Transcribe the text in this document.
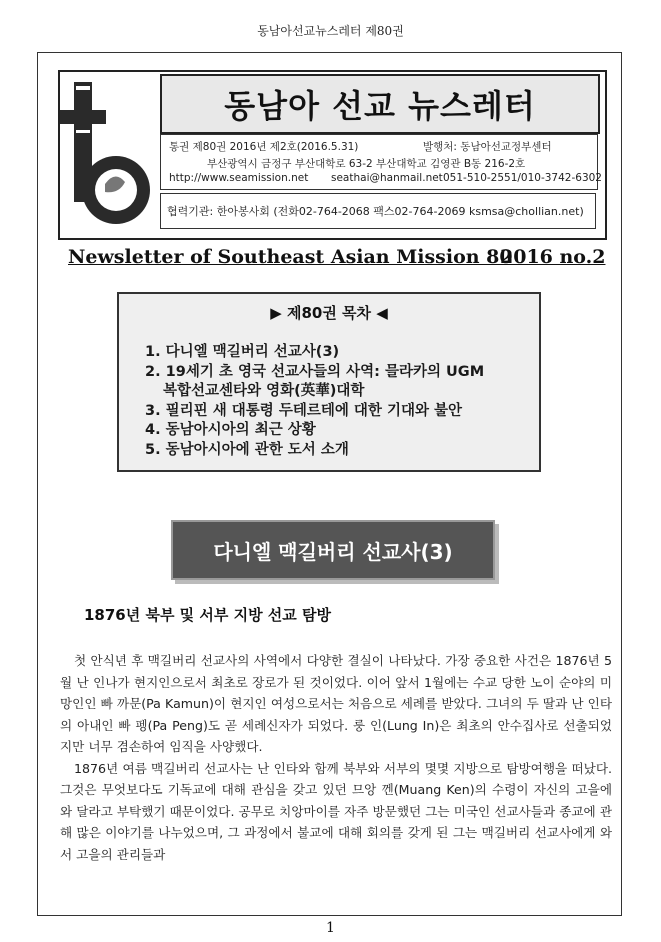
동남아선교뉴스레터 제80권
동남아 선교 뉴스레터
통권 제80권 2016년 제2호(2016.5.31)	발행처: 동남아선교정부센터
부산광역시 금정구 부산대학로 63-2 부산대학교 김영관 B동 216-2호
http://www.seamission.net seathai@hanmail.net 051-510-2551/010-3742-6302
협력기관: 한아봉사회 (전화02-764-2068 팩스02-764-2069 ksmsa@chollian.net)
Newsletter of Southeast Asian Mission 80
2016 no.2
▶ 제80권 목차 ◀
1. 다니엘 맥길버리 선교사(3)
2. 19세기 초 영국 선교사들의 사역: 믈라카의 UGM
복합선교센타와 영화(英華)대학
3. 필리핀 새 대통령 두테르테에 대한 기대와 불안
4. 동남아시아의 최근 상황
5. 동남아시아에 관한 도서 소개
다니엘 맥길버리 선교사(3)
1876년 북부 및 서부 지방 선교 탐방

첫 안식년 후 맥길버리 선교사의 사역에서 다양한 결실이 나타났다. 가장 중요한 사건은 1876년 5월 난 인나가 현지인으로서 최초로 장로가 된 것이었다. 이어 앞서 1월에는 수교 당한 노이 순야의 미망인인 빠 까문(Pa Kamun)이 현지인 여성으로서는 처음으로 세례를 받았다. 그녀의 두 딸과 난 인타의 아내인 빠 펭(Pa Peng)도 곧 세례신자가 되었다. 룽 인(Lung In)은 최초의 안수집사로 선출되었지만 너무 겸손하여 임직을 사양했다.

1876년 여름 맥길버리 선교사는 난 인타와 함께 북부와 서부의 몇몇 지방으로 탐방여행을 떠났다. 그것은 무엇보다도 기독교에 대해 관심을 갖고 있던 므앙 껜(Muang Ken)의 수령이 자신의 고을에 와 달라고 부탁했기 때문이었다. 공무로 치앙마이를 자주 방문했던 그는 미국인 선교사들과 종교에 관해 많은 이야기를 나누었으며, 그 과정에서 불교에 대해 회의를 갖게 된 그는 맥길버리 선교사에게 와서 고을의 관리들과

1
